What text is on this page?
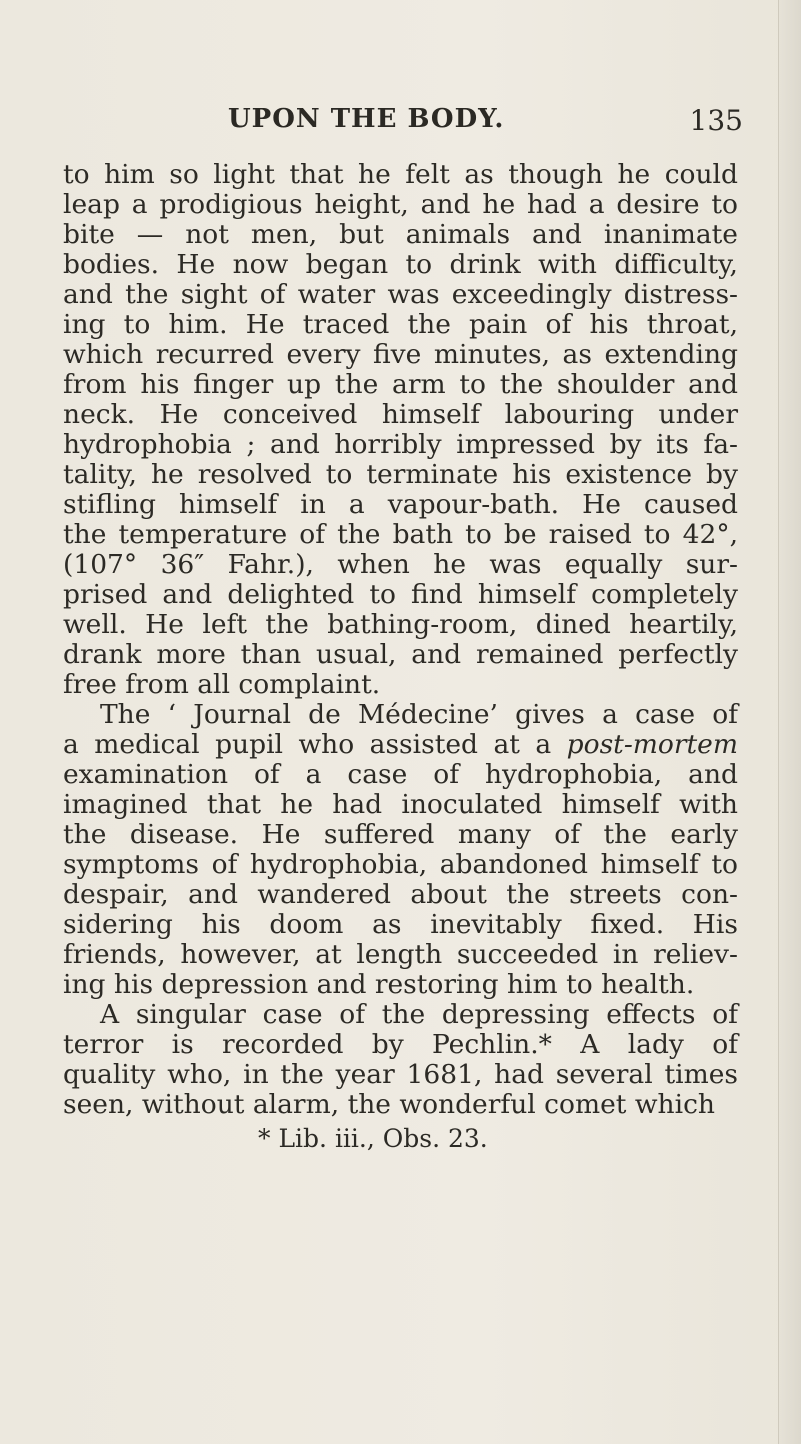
UPON THE BODY.	135
to him so light that he felt as though he could
leap a prodigious height, and he had a desire to
bite — not men, but animals and inanimate
bodies. He now began to drink with difficulty,
and the sight of water was exceedingly distress-
ing to him. He traced the pain of his throat,
which recurred every five minutes, as extending
from his finger up the arm to the shoulder and
neck. He conceived himself labouring under
hydrophobia ; and horribly impressed by its fa-
tality, he resolved to terminate his existence by
stifling himself in a vapour-bath. He caused
the temperature of the bath to be raised to 42°,
(107° 36″ Fahr.), when he was equally sur-
prised and delighted to find himself completely
well. He left the bathing-room, dined heartily,
drank more than usual, and remained perfectly
free from all complaint.
The ‘ Journal de Médecine’ gives a case of
a medical pupil who assisted at a post-mortem
examination of a case of hydrophobia, and
imagined that he had inoculated himself with
the disease. He suffered many of the early
symptoms of hydrophobia, abandoned himself to
despair, and wandered about the streets con-
sidering his doom as inevitably fixed. His
friends, however, at length succeeded in reliev-
ing his depression and restoring him to health.
A singular case of the depressing effects of
terror is recorded by Pechlin.* A lady of
quality who, in the year 1681, had several times
seen, without alarm, the wonderful comet which
* Lib. iii., Obs. 23.
